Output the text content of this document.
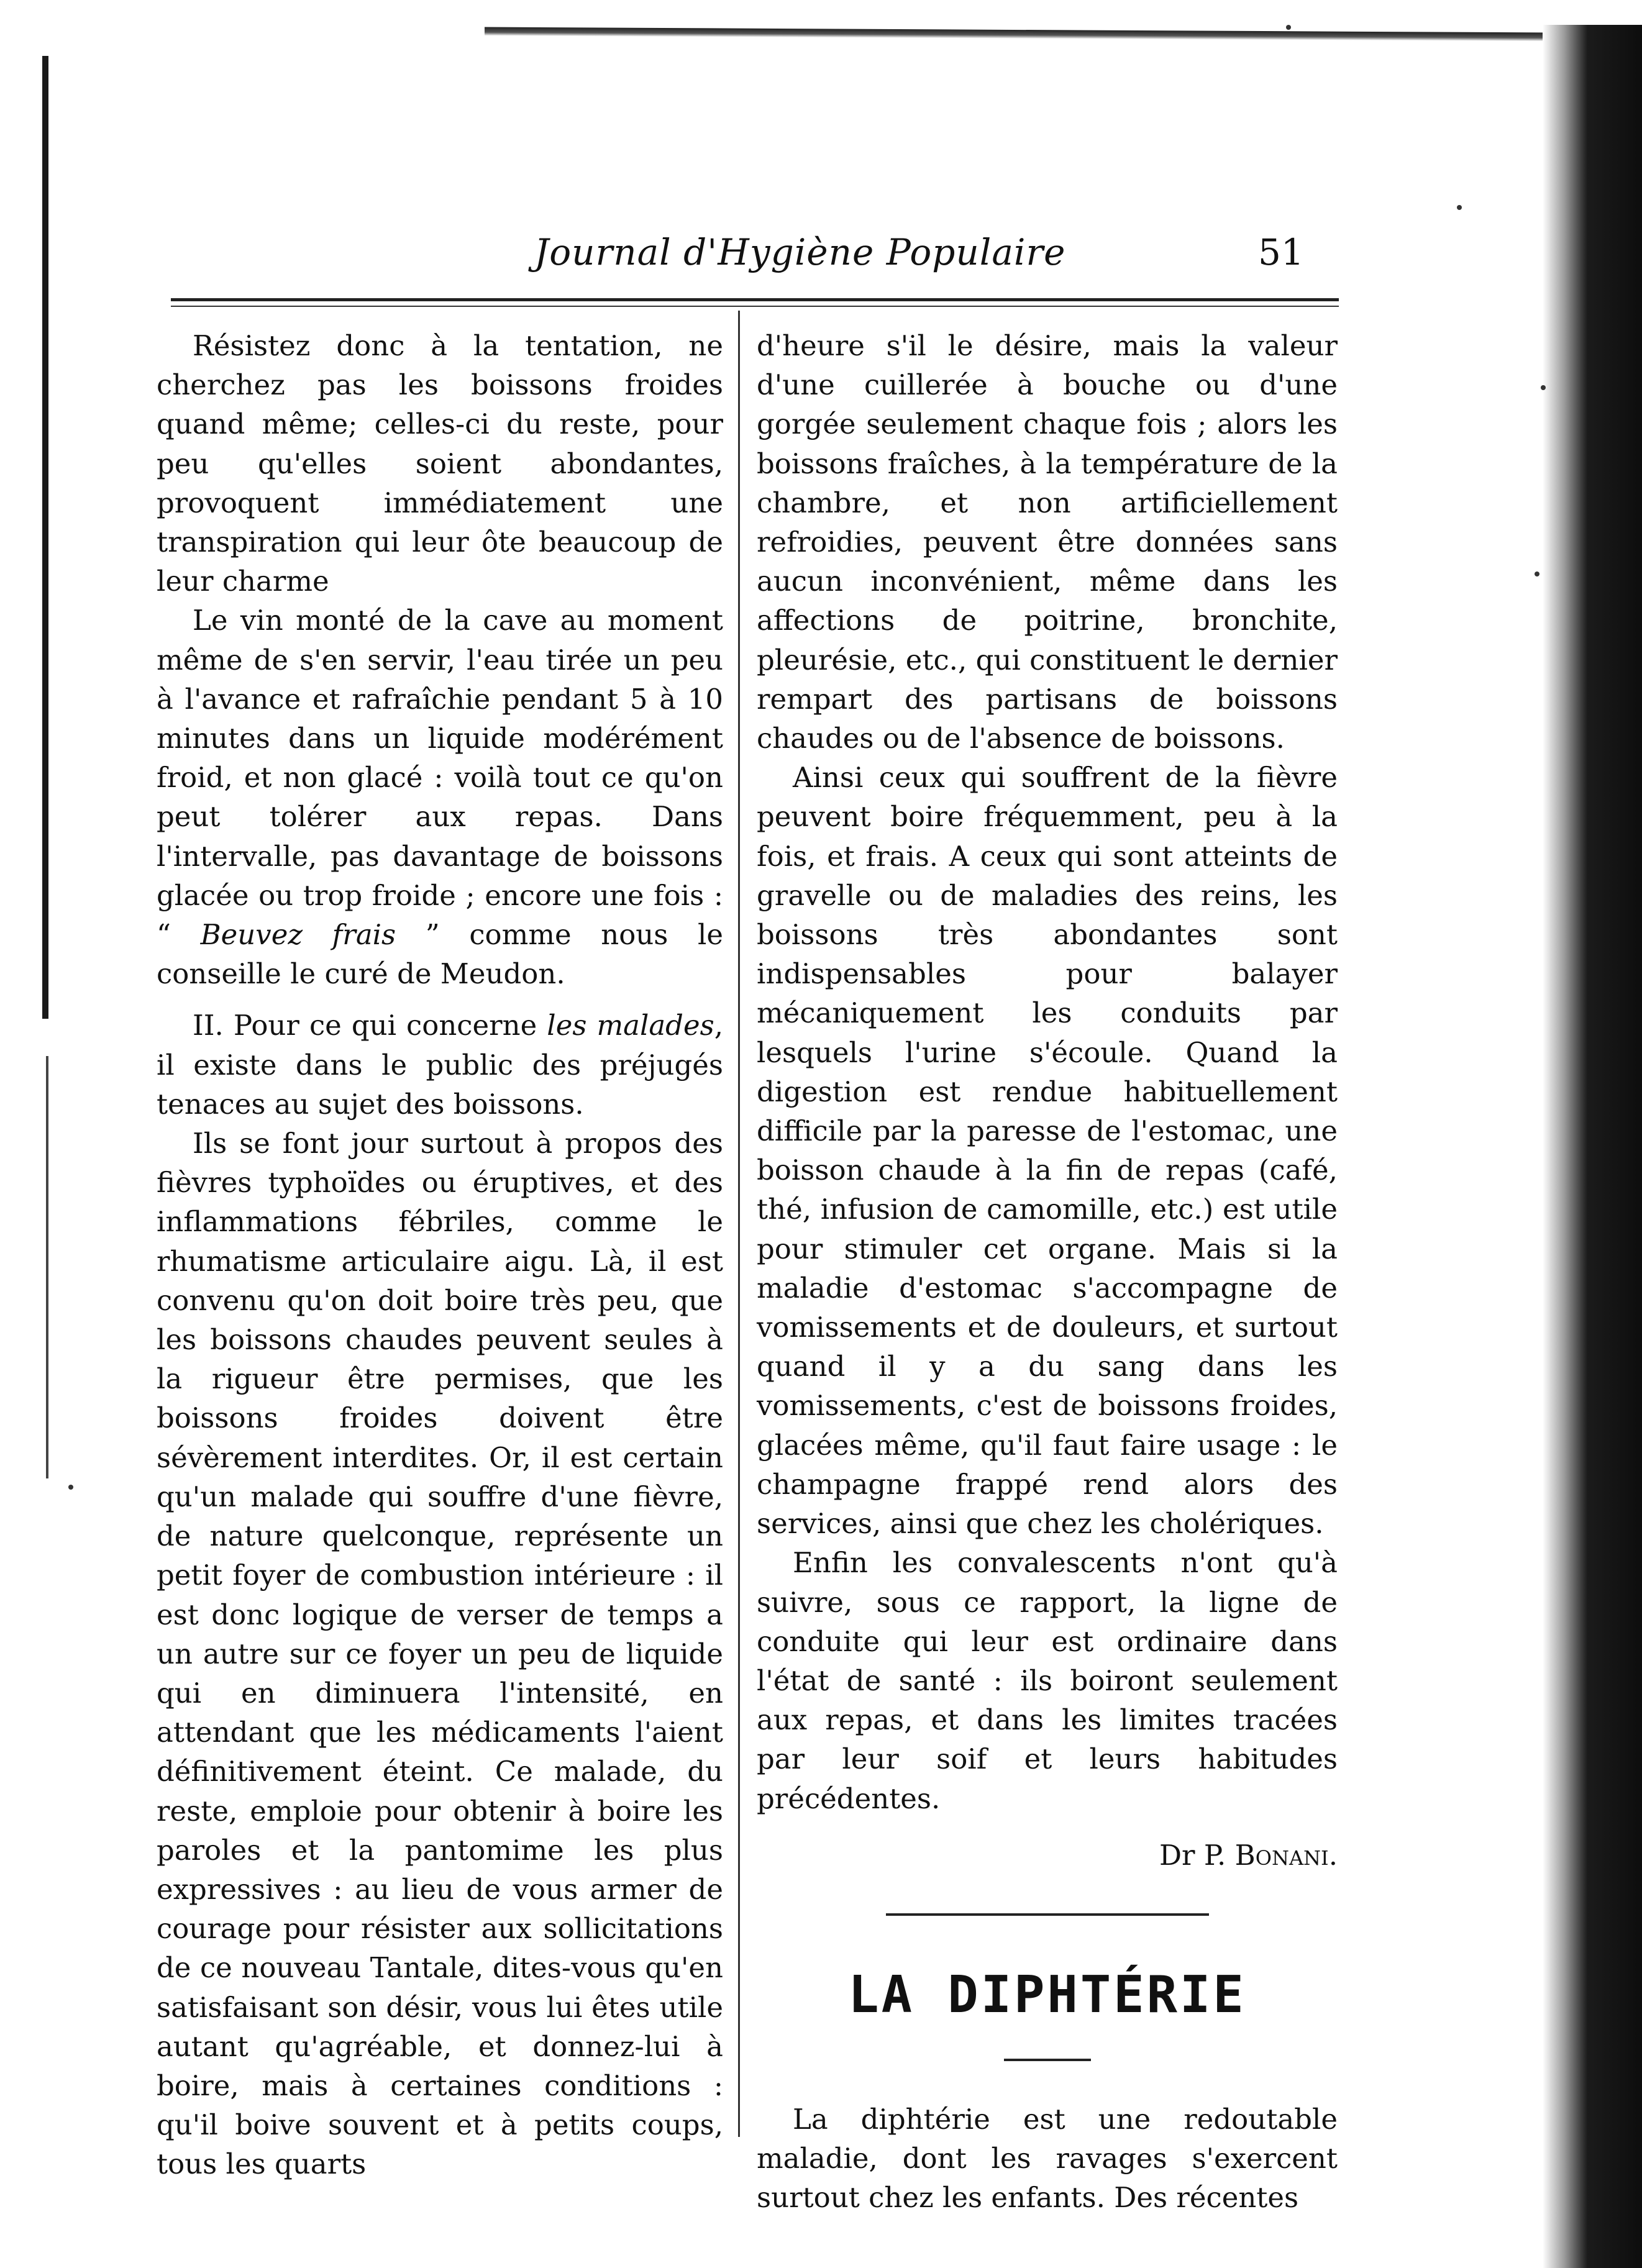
Journal d'Hygiène Populaire	51

Résistez donc à la tentation, ne cherchez pas les boissons froides quand même; celles-ci du reste, pour peu qu'elles soient abondantes, provoquent immédiatement une transpiration qui leur ôte beaucoup de leur charme

Le vin monté de la cave au moment même de s'en servir, l'eau tirée un peu à l'avance et rafraîchie pendant 5 à 10 minutes dans un liquide modérément froid, et non glacé : voilà tout ce qu'on peut tolérer aux repas. Dans l'intervalle, pas davantage de boissons glacée ou trop froide ; encore une fois : “ Beuvez frais ” comme nous le conseille le curé de Meudon.

II. Pour ce qui concerne les malades, il existe dans le public des préjugés tenaces au sujet des boissons.

Ils se font jour surtout à propos des fièvres typhoïdes ou éruptives, et des inflammations fébriles, comme le rhumatisme articulaire aigu. Là, il est convenu qu'on doit boire très peu, que les boissons chaudes peuvent seules à la rigueur être permises, que les boissons froides doivent être sévèrement interdites. Or, il est certain qu'un malade qui souffre d'une fièvre, de nature quelconque, représente un petit foyer de combustion intérieure : il est donc logique de verser de temps a un autre sur ce foyer un peu de liquide qui en diminuera l'intensité, en attendant que les médicaments l'aient définitivement éteint. Ce malade, du reste, emploie pour obtenir à boire les paroles et la pantomime les plus expressives : au lieu de vous armer de courage pour résister aux sollicitations de ce nouveau Tantale, dites-vous qu'en satisfaisant son désir, vous lui êtes utile autant qu'agréable, et donnez-lui à boire, mais à certaines conditions : qu'il boive souvent et à petits coups, tous les quarts

d'heure s'il le désire, mais la valeur d'une cuillerée à bouche ou d'une gorgée seulement chaque fois ; alors les boissons fraîches, à la température de la chambre, et non artificiellement refroidies, peuvent être données sans aucun inconvénient, même dans les affections de poitrine, bronchite, pleurésie, etc., qui constituent le dernier rempart des partisans de boissons chaudes ou de l'absence de boissons.

Ainsi ceux qui souffrent de la fièvre peuvent boire fréquemment, peu à la fois, et frais. A ceux qui sont atteints de gravelle ou de maladies des reins, les boissons très abondantes sont indispensables pour balayer mécaniquement les conduits par lesquels l'urine s'écoule. Quand la digestion est rendue habituellement difficile par la paresse de l'estomac, une boisson chaude à la fin de repas (café, thé, infusion de camomille, etc.) est utile pour stimuler cet organe. Mais si la maladie d'estomac s'accompagne de vomissements et de douleurs, et surtout quand il y a du sang dans les vomissements, c'est de boissons froides, glacées même, qu'il faut faire usage : le champagne frappé rend alors des services, ainsi que chez les cholériques.

Enfin les convalescents n'ont qu'à suivre, sous ce rapport, la ligne de conduite qui leur est ordinaire dans l'état de santé : ils boiront seulement aux repas, et dans les limites tracées par leur soif et leurs habitudes précédentes.

Dr P. Bonani.

LA DIPHTÉRIE

La diphtérie est une redoutable maladie, dont les ravages s'exercent surtout chez les enfants. Des récentes
